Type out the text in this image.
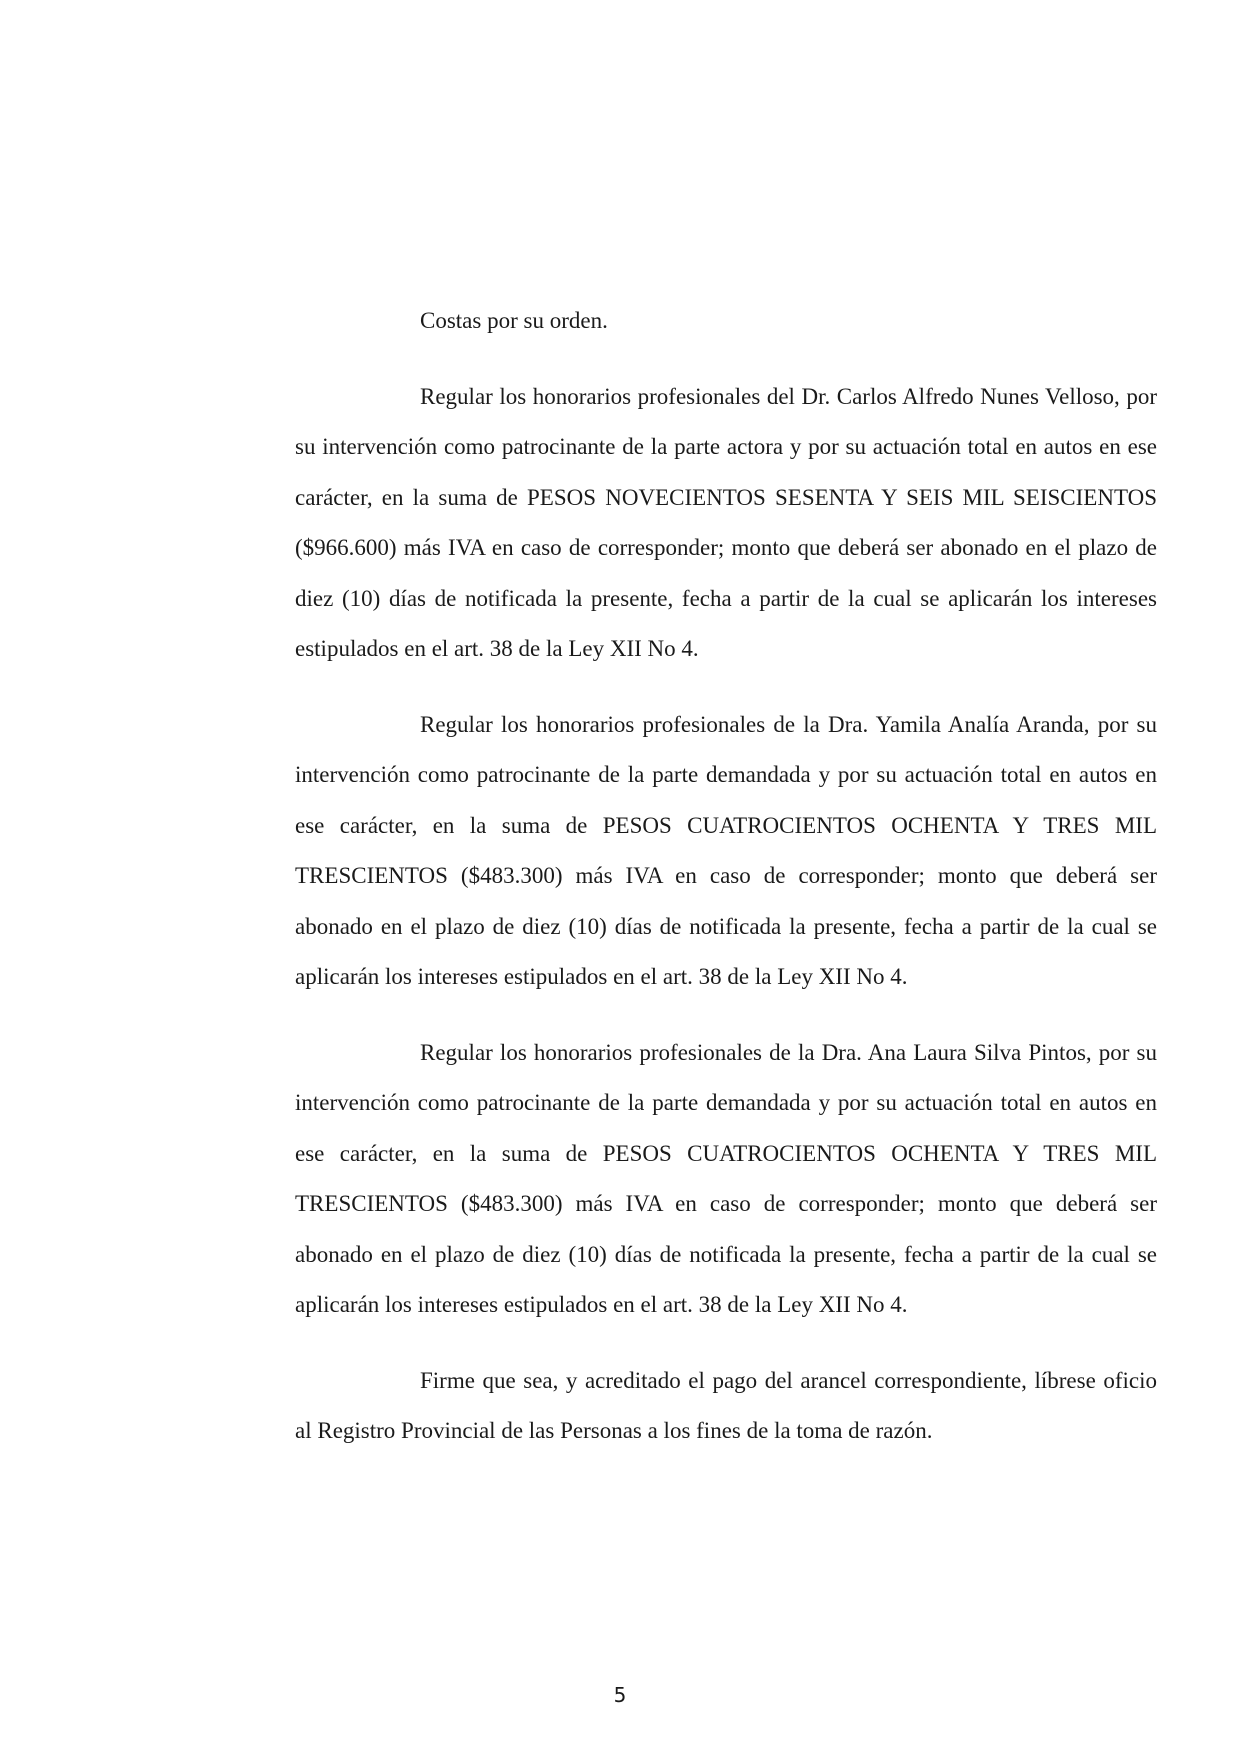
Costas por su orden.

Regular los honorarios profesionales del Dr. Carlos Alfredo Nunes Velloso, por su intervención como patrocinante de la parte actora y por su actuación total en autos en ese carácter, en la suma de PESOS NOVECIENTOS SESENTA Y SEIS MIL SEISCIENTOS ($966.600) más IVA en caso de corresponder; monto que deberá ser abonado en el plazo de diez (10) días de notificada la presente, fecha a partir de la cual se aplicarán los intereses estipulados en el art. 38 de la Ley XII No 4.

Regular los honorarios profesionales de la Dra. Yamila Analía Aranda, por su intervención como patrocinante de la parte demandada y por su actuación total en autos en ese carácter, en la suma de PESOS CUATROCIENTOS OCHENTA Y TRES MIL TRESCIENTOS ($483.300) más IVA en caso de corresponder; monto que deberá ser abonado en el plazo de diez (10) días de notificada la presente, fecha a partir de la cual se aplicarán los intereses estipulados en el art. 38 de la Ley XII No 4.

Regular los honorarios profesionales de la Dra. Ana Laura Silva Pintos, por su intervención como patrocinante de la parte demandada y por su actuación total en autos en ese carácter, en la suma de PESOS CUATROCIENTOS OCHENTA Y TRES MIL TRESCIENTOS ($483.300) más IVA en caso de corresponder; monto que deberá ser abonado en el plazo de diez (10) días de notificada la presente, fecha a partir de la cual se aplicarán los intereses estipulados en el art. 38 de la Ley XII No 4.

Firme que sea, y acreditado el pago del arancel correspondiente, líbrese oficio al Registro Provincial de las Personas a los fines de la toma de razón.

5
